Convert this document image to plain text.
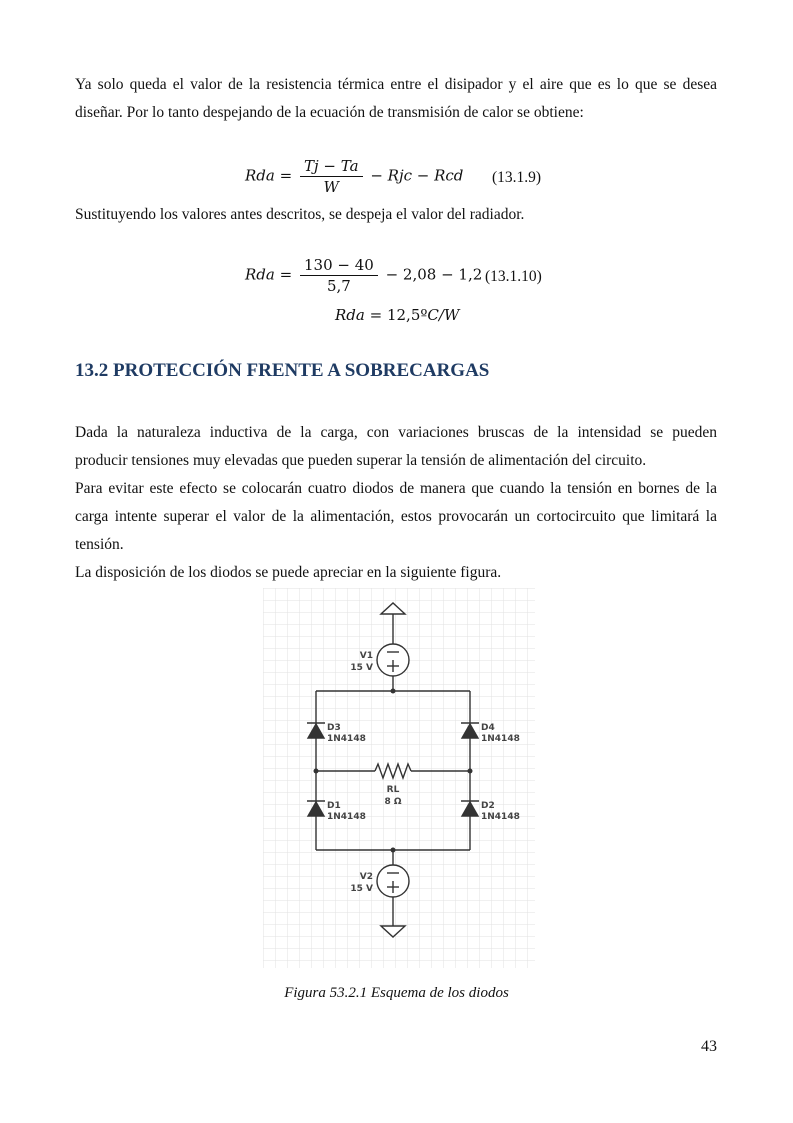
Ya solo queda el valor de la resistencia térmica entre el disipador y el aire que es lo que se desea
diseñar. Por lo tanto despejando de la ecuación de transmisión de calor se obtiene:
Rda = $\frac{Tj - Ta}{W}$ − Rjc − Rcd (13.1.9)
Sustituyendo los valores antes descritos, se despeja el valor del radiador.
Rda = $\frac{130 - 40}{5,7} - 2,08 - 1,2$ (13.1.10)
Rda = 12,5ºC/W
13.2 PROTECCIÓN FRENTE A SOBRECARGAS
Dada la naturaleza inductiva de la carga, con variaciones bruscas de la intensidad se pueden
producir tensiones muy elevadas que pueden superar la tensión de alimentación del circuito.
Para evitar este efecto se colocarán cuatro diodos de manera que cuando la tensión en bornes de la carga intente superar el valor de la alimentación, estos provocarán un cortocircuito que limitará la tensión.
La disposición de los diodos se puede apreciar en la siguiente figura.
V1
15 V
D3
1N4148
D4
1N4148
RL
8 Ω
D1
1N4148
D2
1N4148
V2
15 V
Figura 53.2.1 Esquema de los diodos
43
